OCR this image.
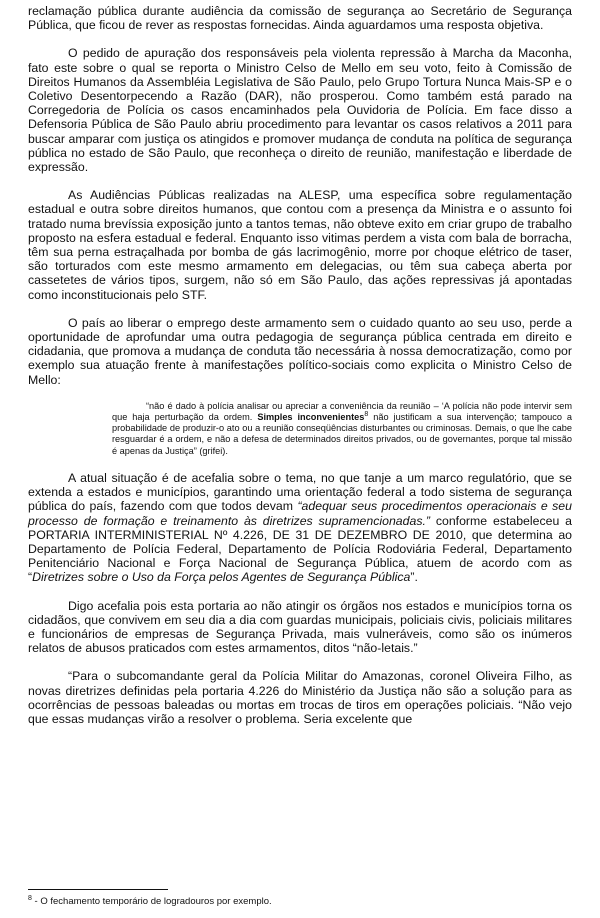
reclamação pública durante audiência da comissão de segurança ao Secretário de Segurança Pública, que ficou de rever as respostas fornecidas. Ainda aguardamos uma resposta objetiva.

O pedido de apuração dos responsáveis pela violenta repressão à Marcha da Maconha, fato este sobre o qual se reporta o Ministro Celso de Mello em seu voto, feito à Comissão de Direitos Humanos da Assembléia Legislativa de São Paulo, pelo Grupo Tortura Nunca Mais-SP e o Coletivo Desentorpecendo a Razão (DAR), não prosperou. Como também está parado na Corregedoria de Polícia os casos encaminhados pela Ouvidoria de Polícia. Em face disso a Defensoria Pública de São Paulo abriu procedimento para levantar os casos relativos a 2011 para buscar amparar com justiça os atingidos e promover mudança de conduta na política de segurança pública no estado de São Paulo, que reconheça o direito de reunião, manifestação e liberdade de expressão.

As Audiências Públicas realizadas na ALESP, uma específica sobre regulamentação estadual e outra sobre direitos humanos, que contou com a presença da Ministra e o assunto foi tratado numa brevíssia exposição junto a tantos temas, não obteve exito em criar grupo de trabalho proposto na esfera estadual e federal. Enquanto isso vitimas perdem a vista com bala de borracha, têm sua perna estraçalhada por bomba de gás lacrimogênio, morre por choque elétrico de taser, são torturados com este mesmo armamento em delegacias, ou têm sua cabeça aberta por cassetetes de vários tipos, surgem, não só em São Paulo, das ações repressivas já apontadas como inconstitucionais pelo STF.

O país ao liberar o emprego deste armamento sem o cuidado quanto ao seu uso, perde a oportunidade de aprofundar uma outra pedagogia de segurança pública centrada em direito e cidadania, que promova a mudança de conduta tão necessária à nossa democratização, como por exemplo sua atuação frente à manifestações político-sociais como explicita o Ministro Celso de Mello:

“não é dado à polícia analisar ou apreciar a conveniência da reunião – ‘A polícia não pode intervir sem que haja perturbação da ordem. Simples inconvenientes$^8$ não justificam a sua intervenção; tampouco a probabilidade de produzir-o ato ou a reunião conseqüências disturbantes ou criminosas. Demais, o que lhe cabe resguardar é a ordem, e não a defesa de determinados direitos privados, ou de governantes, porque tal missão é apenas da Justiça” (grifei).

A atual situação é de acefalia sobre o tema, no que tanje a um marco regulatório, que se extenda a estados e municípios, garantindo uma orientação federal a todo sistema de segurança pública do país, fazendo com que todos devam “adequar seus procedimentos operacionais e seu processo de formação e treinamento às diretrizes supramencionadas.” conforme estabeleceu a PORTARIA INTERMINISTERIAL Nº 4.226, DE 31 DE DEZEMBRO DE 2010, que determina ao Departamento de Polícia Federal, Departamento de Polícia Rodoviária Federal, Departamento Penitenciário Nacional e Força Nacional de Segurança Pública, atuem de acordo com as “Diretrizes sobre o Uso da Força pelos Agentes de Segurança Pública”.

Digo acefalia pois esta portaria ao não atingir os órgãos nos estados e municípios torna os cidadãos, que convivem em seu dia a dia com guardas municipais, policiais civis, policiais militares e funcionários de empresas de Segurança Privada, mais vulneráveis, como são os inúmeros relatos de abusos praticados com estes armamentos, ditos “não-letais.”

“Para o subcomandante geral da Polícia Militar do Amazonas, coronel Oliveira Filho, as novas diretrizes definidas pela portaria 4.226 do Ministério da Justiça não são a solução para as ocorrências de pessoas baleadas ou mortas em trocas de tiros em operações policiais. “Não vejo que essas mudanças virão a resolver o problema. Seria excelente que

$^8$ - O fechamento temporário de logradouros por exemplo.
